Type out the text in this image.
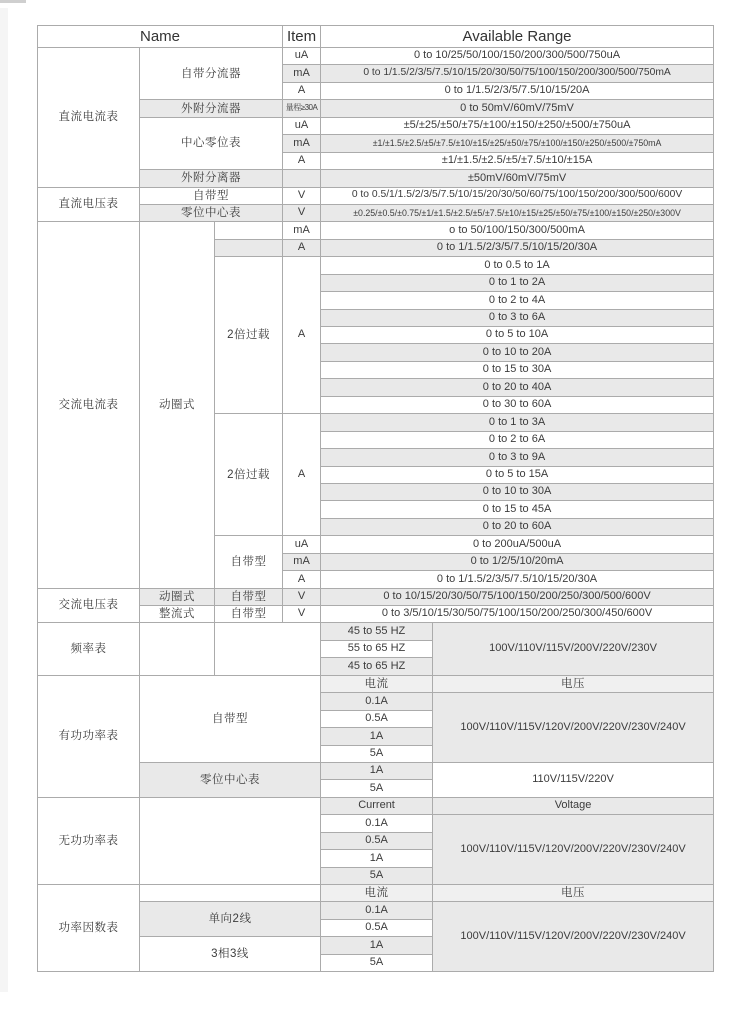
Name			Item	Available Range	
直流电流表	自带分流器		uA	0 to 10/25/50/100/150/200/300/500/750uA	
			mA	0 to 1/1.5/2/3/5/7.5/10/15/20/30/50/75/100/150/200/300/500/750mA	
			A	0 to 1/1.5/2/3/5/7.5/10/15/20A	
	外附分流器		量程≥30A	0 to 50mV/60mV/75mV	
	中心零位表		uA	±5/±25/±50/±75/±100/±150/±250/±500/±750uA	
			mA	±1/±1.5/±2.5/±5/±7.5/±10/±15/±25/±50/±75/±100/±150/±250/±500/±750mA	
			A	±1/±1.5/±2.5/±5/±7.5/±10/±15A	
	外附分离器			±50mV/60mV/75mV	
直流电压表	自带型		V	0 to 0.5/1/1.5/2/3/5/7.5/10/15/20/30/50/60/75/100/150/200/300/500/600V	
	零位中心表		V	±0.25/±0.5/±0.75/±1/±1.5/±2.5/±5/±7.5/±10/±15/±25/±50/±75/±100/±150/±250/±300V	
交流电流表	动圈式		mA	o to 50/100/150/300/500mA	
			A	0 to 1/1.5/2/3/5/7.5/10/15/20/30A	
		2倍过载	A	0 to 0.5 to 1A	
				0 to 1 to 2A	
				0 to 2 to 4A	
				0 to 3 to 6A	
				0 to 5 to 10A	
				0 to 10 to 20A	
				0 to 15 to 30A	
				0 to 20 to 40A	
				0 to 30 to 60A	
		2倍过载	A	0 to 1 to 3A	
				0 to 2 to 6A	
				0 to 3 to 9A	
				0 to 5 to 15A	
				0 to 10 to 30A	
				0 to 15 to 45A	
				0 to 20 to 60A	
		自带型	uA	0 to 200uA/500uA	
			mA	0 to 1/2/5/10/20mA	
			A	0 to 1/1.5/2/3/5/7.5/10/15/20/30A	
交流电压表	动圈式	自带型	V	0 to 10/15/20/30/50/75/100/150/200/250/300/500/600V	
	整流式	自带型	V	0 to 3/5/10/15/30/50/75/100/150/200/250/300/450/600V	
频率表				45 to 55 HZ	100V/110V/115V/200V/220V/230V
				55 to 65 HZ	
				45 to 65 HZ	
有功功率表	自带型			电流	电压
				0.1A	100V/110V/115V/120V/200V/220V/230V/240V
				0.5A	
				1A	
				5A	
	零位中心表			1A	110V/115V/220V
				5A	
无功功率表				Current	Voltage
				0.1A	100V/110V/115V/120V/200V/220V/230V/240V
				0.5A	
				1A	
				5A	
功率因数表				电流	电压
	单向2线			0.1A	100V/110V/115V/120V/200V/220V/230V/240V
				0.5A	
	3相3线			1A	
				5A	
